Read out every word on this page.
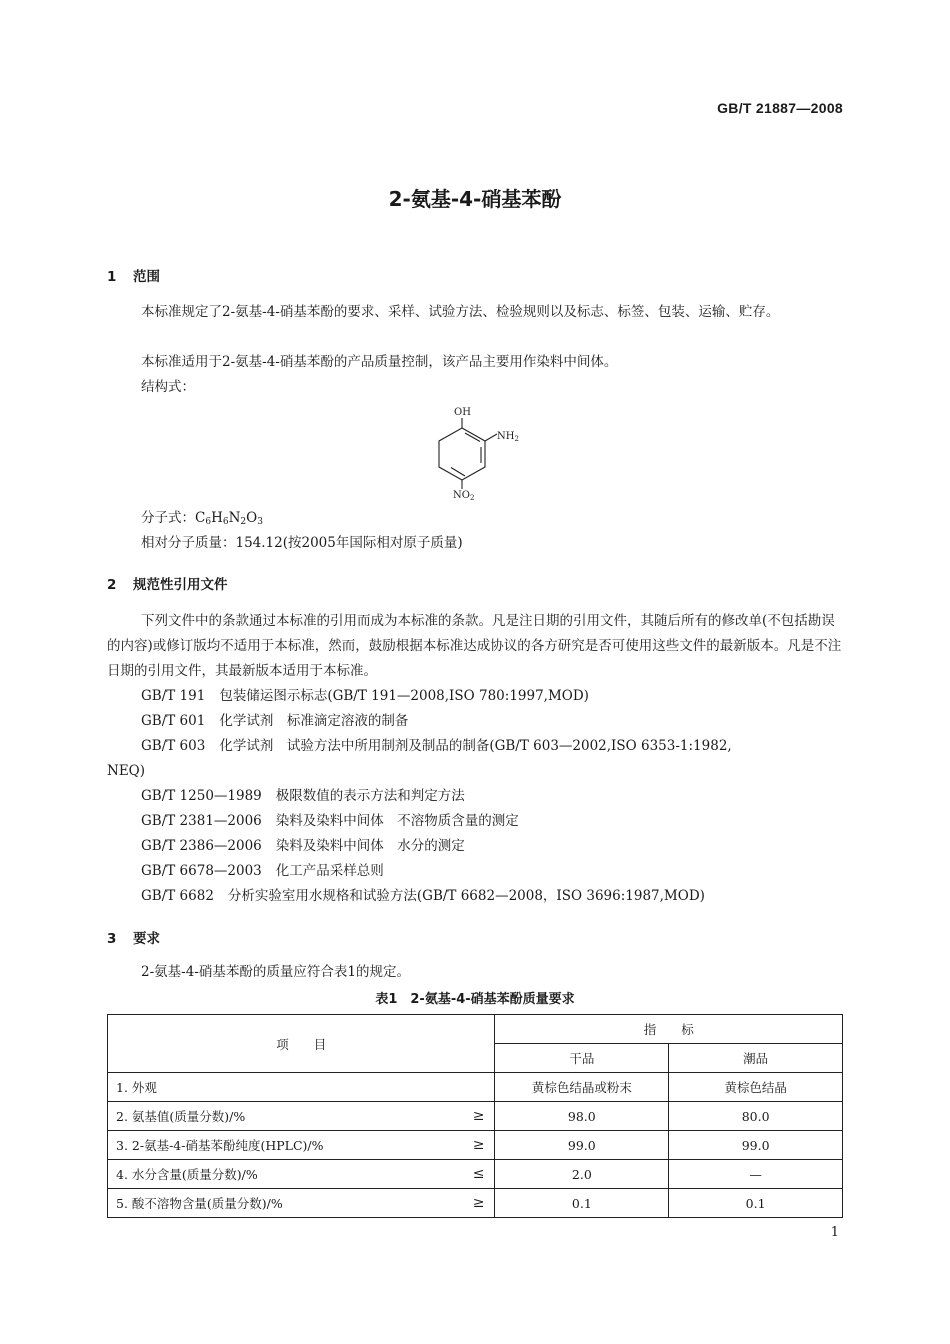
GB/T 21887—2008
2-氨基-4-硝基苯酚
1 范围
本标准规定了2-氨基-4-硝基苯酚的要求、采样、试验方法、检验规则以及标志、标签、包装、运输、贮存。
本标准适用于2-氨基-4-硝基苯酚的产品质量控制，该产品主要用作染料中间体。
结构式：
OH
$NH_2$
$NO_2$
分子式：$C_6H_6N_2O_3$
相对分子质量：154.12(按2005年国际相对原子质量)
2 规范性引用文件
下列文件中的条款通过本标准的引用而成为本标准的条款。凡是注日期的引用文件，其随后所有的修改单(不包括勘误的内容)或修订版均不适用于本标准，然而，鼓励根据本标准达成协议的各方研究是否可使用这些文件的最新版本。凡是不注日期的引用文件，其最新版本适用于本标准。
GB/T 191 包装储运图示标志(GB/T 191—2008,ISO 780:1997,MOD)
GB/T 601 化学试剂　标准滴定溶液的制备
GB/T 603 化学试剂　试验方法中所用制剂及制品的制备(GB/T 603—2002,ISO 6353-1:1982,
NEQ)
GB/T 1250—1989 极限数值的表示方法和判定方法
GB/T 2381—2006 染料及染料中间体　不溶物质含量的测定
GB/T 2386—2006 染料及染料中间体　水分的测定
GB/T 6678—2003 化工产品采样总则
GB/T 6682 分析实验室用水规格和试验方法(GB/T 6682—2008，ISO 3696:1987,MOD)
3 要求
2-氨基-4-硝基苯酚的质量应符合表1的规定。
表1　2-氨基-4-硝基苯酚质量要求
项　　目	指　　标	
	干品	潮品
1. 外观	黄棕色结晶或粉末	黄棕色结晶
2. 氨基值(质量分数)/% ≥	98.0	80.0
3. 2-氨基-4-硝基苯酚纯度(HPLC)/% ≥	99.0	99.0
4. 水分含量(质量分数)/% ≤	2.0	—
5. 酸不溶物含量(质量分数)/% ≥	0.1	0.1
1
